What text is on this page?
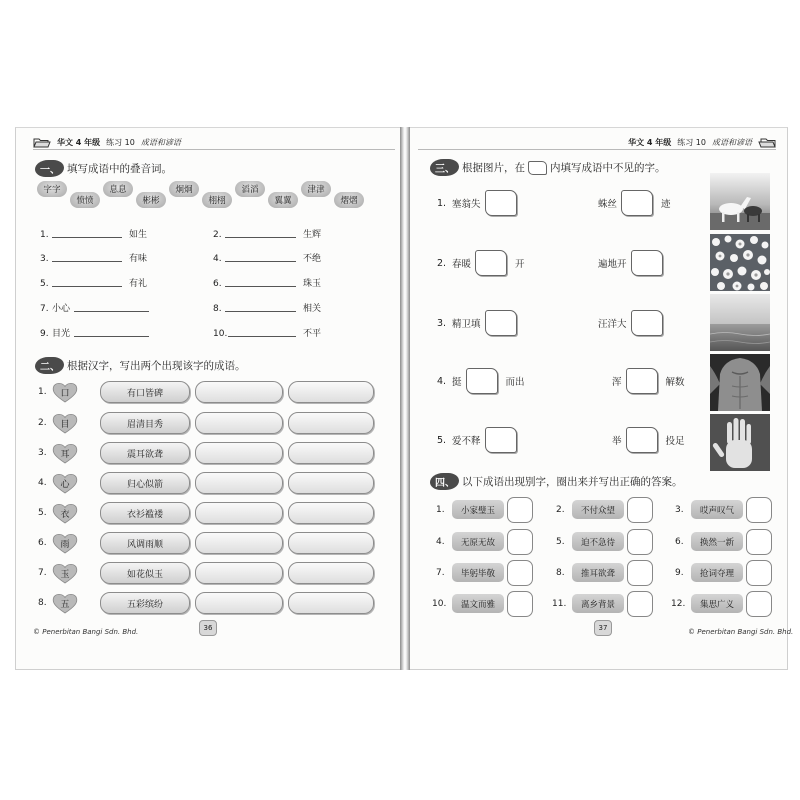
华文 4 年级 练习 10 成语和谚语
一、 填写成语中的叠音词。
字字
愤愤
息息
彬彬
炯炯
栩栩
滔滔
翼翼
津津
熠熠
1.	如生
3.	有味
5.	有礼
7. 小心
9. 目光
2.	生辉
4.	不绝
6.	珠玉
8.	相关
10.	不平
二、 根据汉字，写出两个出现该字的成语。
1.	口	有口皆碑
2.	目	眉清目秀
3.	耳	震耳欲聋
4.	心	归心似箭
5.	衣	衣衫褴褛
6.	雨	风调雨顺
7.	玉	如花似玉
8.	五	五彩缤纷
© Penerbitan Bangi Sdn. Bhd.	36
华文 4 年级 练习 10 成语和谚语
三、 根据图片，在 内填写成语中不见的字。
1. 塞翁失	蛛丝	迹
2. 春暖	开	遍地开
3. 精卫填	汪洋大
4. 挺	而出	浑	解数
5. 爱不释	举	投足
四、 以下成语出现别字，圈出来并写出正确的答案。
1.	小家璧玉	2.	不付众望	3.	哎声叹气
4.	无原无故	5.	迫不急待	6.	换然一新
7.	毕躬毕敬	8.	推耳欲聋	9.	抢词夺理
10.	温文而雅	11.	离乡背景	12.	集思广义
37	© Penerbitan Bangi Sdn. Bhd.
